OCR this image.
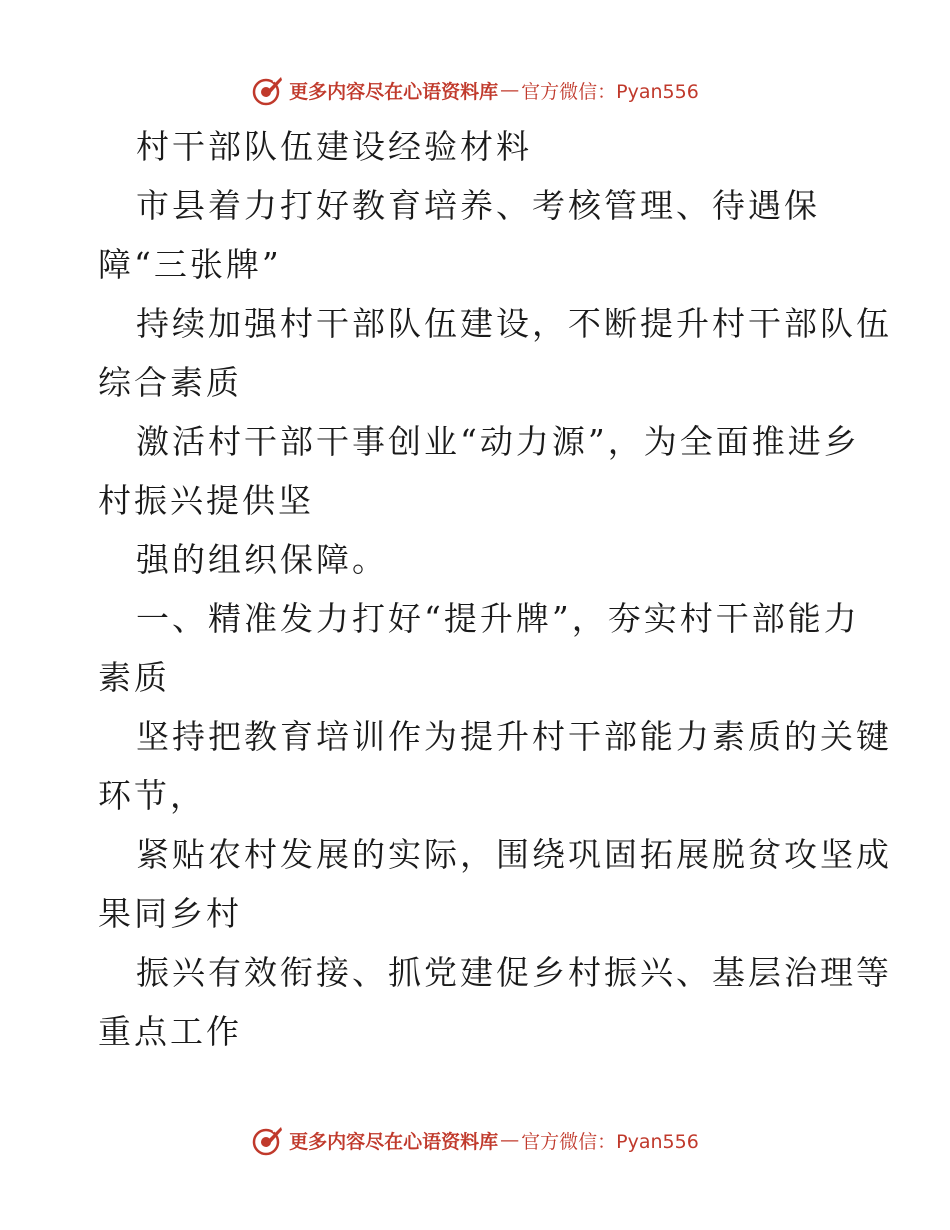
更多内容尽在心语资料库 — 官方微信：Pyan556
村干部队伍建设经验材料
市县着力打好教育培养、考核管理、待遇保
障“三张牌”
持续加强村干部队伍建设，不断提升村干部队伍
综合素质
激活村干部干事创业“动力源”，为全面推进乡
村振兴提供坚
强的组织保障。
一、精准发力打好“提升牌”，夯实村干部能力
素质
坚持把教育培训作为提升村干部能力素质的关键
环节，
紧贴农村发展的实际，围绕巩固拓展脱贫攻坚成
果同乡村
振兴有效衔接、抓党建促乡村振兴、基层治理等
重点工作
更多内容尽在心语资料库 — 官方微信：Pyan556
